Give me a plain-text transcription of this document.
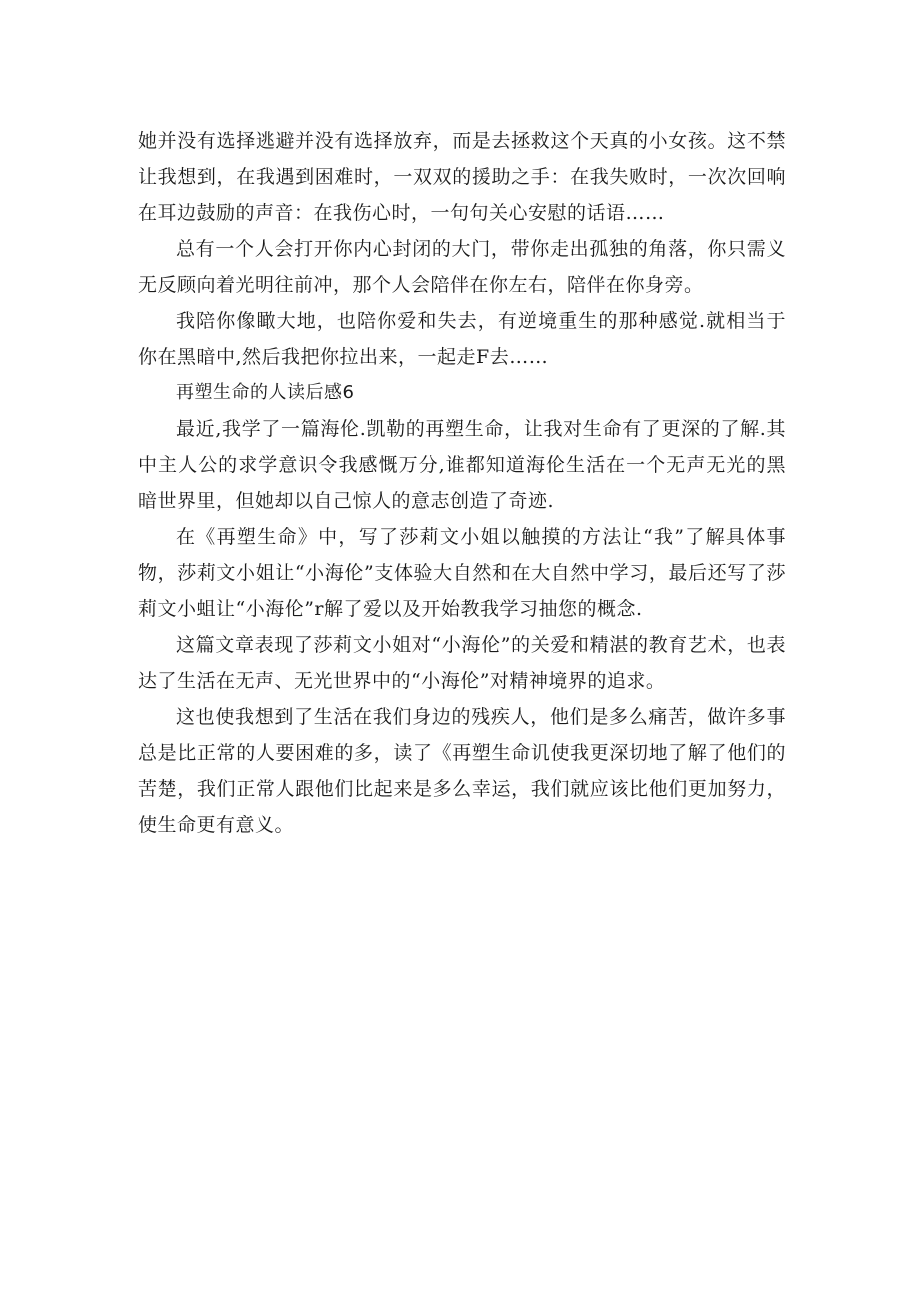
她并没有选择逃避并没有选择放弃，而是去拯救这个天真的小女孩。这不禁让我想到，在我遇到困难时，一双双的援助之手：在我失败时，一次次回响在耳边鼓励的声音：在我伤心时，一句句关心安慰的话语……

总有一个人会打开你内心封闭的大门，带你走出孤独的角落，你只需义无反顾向着光明往前冲，那个人会陪伴在你左右，陪伴在你身旁。

我陪你像瞰大地，也陪你爱和失去，有逆境重生的那种感觉.就相当于你在黑暗中,然后我把你拉出来，一起走F去……

再塑生命的人读后感6

最近,我学了一篇海伦.凯勒的再塑生命，让我对生命有了更深的了解.其中主人公的求学意识令我感慨万分,谁都知道海伦生活在一个无声无光的黑暗世界里，但她却以自己惊人的意志创造了奇迹.

在《再塑生命》中，写了莎莉文小姐以触摸的方法让“我”了解具体事物，莎莉文小姐让“小海伦”支体验大自然和在大自然中学习，最后还写了莎莉文小蛆让“小海伦”r解了爱以及开始教我学习抽您的概念.

这篇文章表现了莎莉文小姐对“小海伦”的关爱和精湛的教育艺术，也表达了生活在无声、无光世界中的“小海伦”对精神境界的追求。

这也使我想到了生活在我们身边的残疾人，他们是多么痛苦，做许多事总是比正常的人要困难的多，读了《再塑生命讥使我更深切地了解了他们的苦楚，我们正常人跟他们比起来是多么幸运，我们就应该比他们更加努力，使生命更有意义。
